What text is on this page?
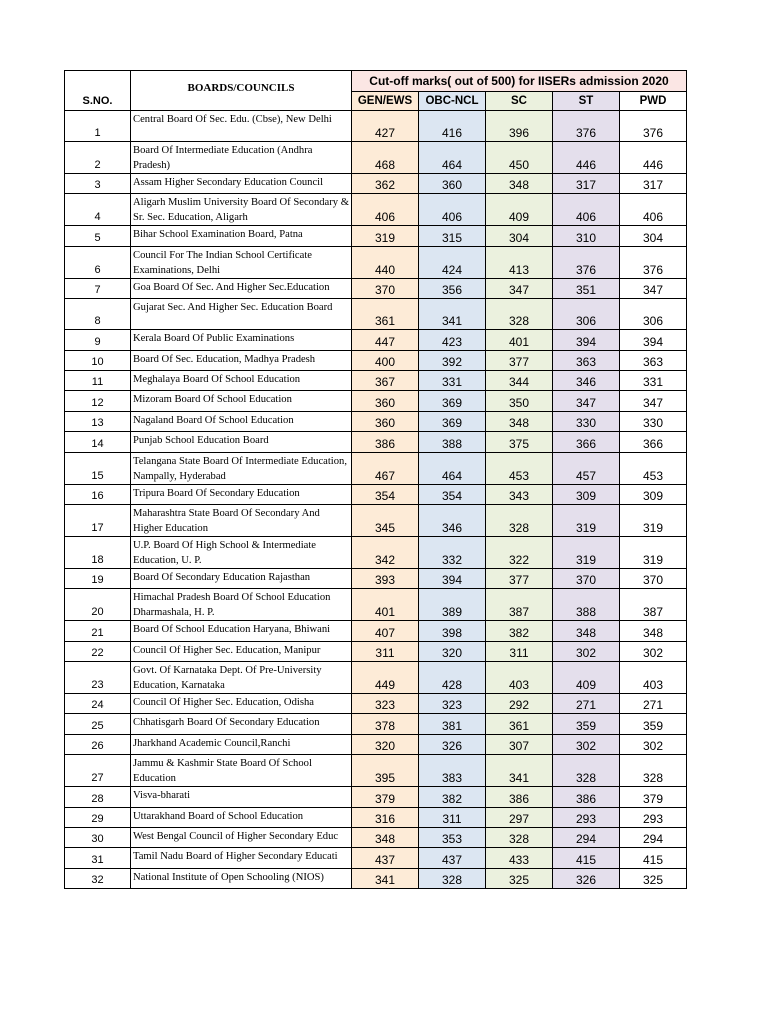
S.NO.	BOARDS/COUNCILS	Cut-off marks( out of 500) for IISERs admission 2020				
		GEN/EWS	OBC-NCL	SC	ST	PWD
1	Central Board Of Sec. Edu. (Cbse), New Delhi	427	416	396	376	376
2	Board Of Intermediate Education (Andhra Pradesh)	468	464	450	446	446
3	Assam Higher Secondary Education Council	362	360	348	317	317
4	Aligarh Muslim University Board Of Secondary & Sr. Sec. Education, Aligarh	406	406	409	406	406
5	Bihar School Examination Board, Patna	319	315	304	310	304
6	Council For The Indian School Certificate Examinations, Delhi	440	424	413	376	376
7	Goa Board Of Sec. And Higher Sec.Education	370	356	347	351	347
8	Gujarat Sec. And Higher Sec. Education Board	361	341	328	306	306
9	Kerala Board Of Public Examinations	447	423	401	394	394
10	Board Of Sec. Education, Madhya Pradesh	400	392	377	363	363
11	Meghalaya Board Of School Education	367	331	344	346	331
12	Mizoram Board Of School Education	360	369	350	347	347
13	Nagaland Board Of School Education	360	369	348	330	330
14	Punjab School Education Board	386	388	375	366	366
15	Telangana State Board Of Intermediate Education, Nampally, Hyderabad	467	464	453	457	453
16	Tripura Board Of Secondary Education	354	354	343	309	309
17	Maharashtra State Board Of Secondary And Higher Education	345	346	328	319	319
18	U.P. Board Of High School & Intermediate Education, U. P.	342	332	322	319	319
19	Board Of Secondary Education Rajasthan	393	394	377	370	370
20	Himachal Pradesh Board Of School Education Dharmashala, H. P.	401	389	387	388	387
21	Board Of School Education Haryana, Bhiwani	407	398	382	348	348
22	Council Of Higher Sec. Education, Manipur	311	320	311	302	302
23	Govt. Of Karnataka Dept. Of Pre-University Education, Karnataka	449	428	403	409	403
24	Council Of Higher Sec. Education, Odisha	323	323	292	271	271
25	Chhatisgarh Board Of Secondary Education	378	381	361	359	359
26	Jharkhand Academic Council,Ranchi	320	326	307	302	302
27	Jammu & Kashmir State Board Of School Education	395	383	341	328	328
28	Visva-bharati	379	382	386	386	379
29	Uttarakhand Board of School Education	316	311	297	293	293
30	West Bengal Council of Higher Secondary Educ	348	353	328	294	294
31	Tamil Nadu Board of Higher Secondary Educati	437	437	433	415	415
32	National Institute of Open Schooling (NIOS)	341	328	325	326	325
